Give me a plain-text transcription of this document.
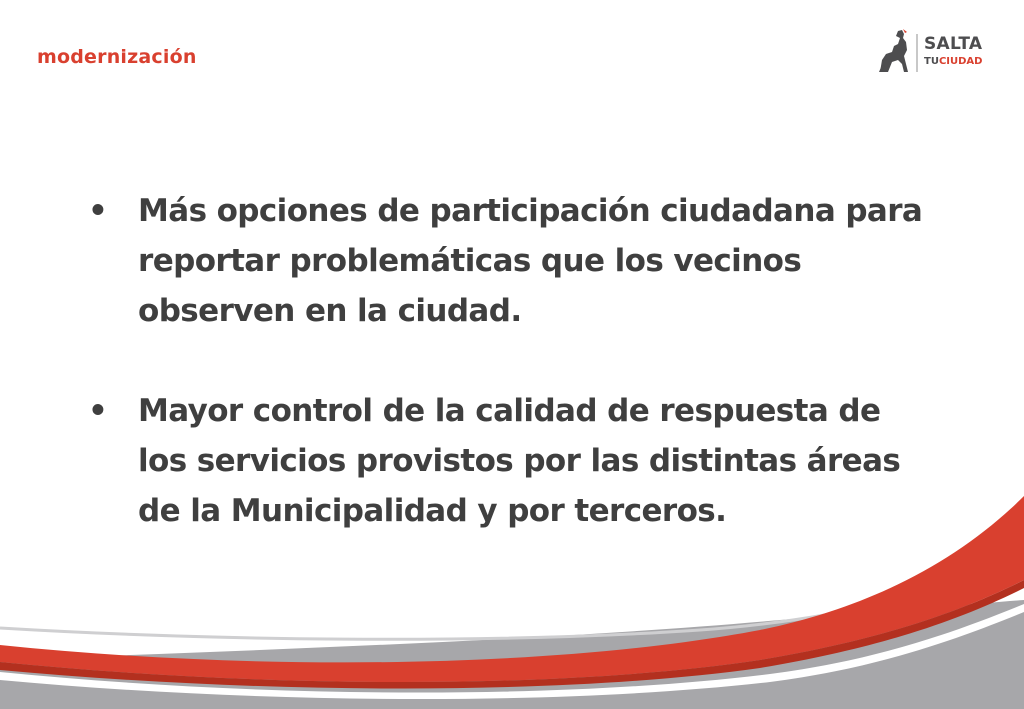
modernización
SALTA
TUCIUDAD
• Más opciones de participación ciudadana para reportar problemáticas que los vecinos observen en la ciudad.
• Mayor control de la calidad de respuesta de los servicios provistos por las distintas áreas de la Municipalidad y por terceros.
